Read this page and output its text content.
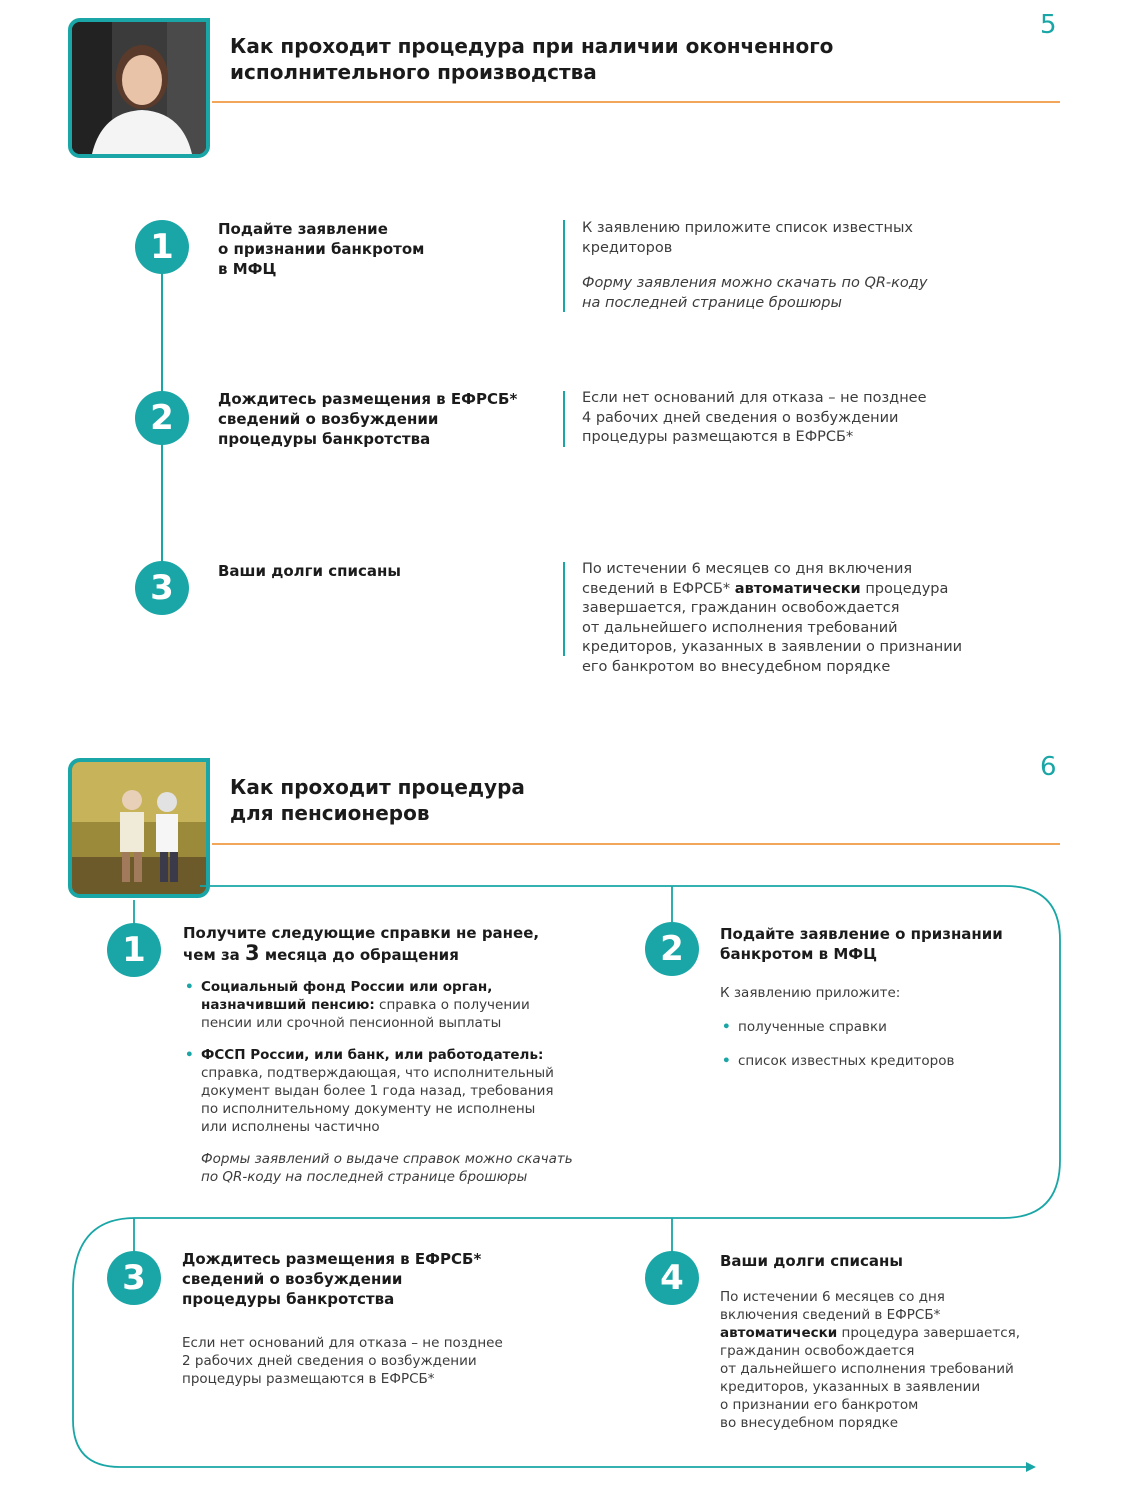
Как проходит процедура при наличии оконченного
исполнительного производства
5
1	Подайте заявление
о признании банкротом
в МФЦ
К заявлению приложите список известных
кредиторов
Форму заявления можно скачать по QR-коду
на последней странице брошюры
2	Дождитесь размещения в ЕФРСБ*
сведений о возбуждении
процедуры банкротства
Если нет оснований для отказа – не позднее
4 рабочих дней сведения о возбуждении
процедуры размещаются в ЕФРСБ*
3	Ваши долги списаны	По истечении 6 месяцев со дня включения
сведений в ЕФРСБ* автоматически процедура
завершается, гражданин освобождается
от дальнейшего исполнения требований
кредиторов, указанных в заявлении о признании
его банкротом во внесудебном порядке
Как проходит процедура
для пенсионеров
6
1	Получите следующие справки не ранее,
чем за 3 месяца до обращения
• Социальный фонд России или орган,
назначивший пенсию: справка о получении
пенсии или срочной пенсионной выплаты
• ФССП России, или банк, или работодатель:
справка, подтверждающая, что исполнительный
документ выдан более 1 года назад, требования
по исполнительному документу не исполнены
или исполнены частично
Формы заявлений о выдаче справок можно скачать
по QR-коду на последней странице брошюры
2	Подайте заявление о признании
банкротом в МФЦ
К заявлению приложите:
• полученные справки
• список известных кредиторов
3	Дождитесь размещения в ЕФРСБ*
сведений о возбуждении
процедуры банкротства
Если нет оснований для отказа – не позднее
2 рабочих дней сведения о возбуждении
процедуры размещаются в ЕФРСБ*
4	Ваши долги списаны
По истечении 6 месяцев со дня
включения сведений в ЕФРСБ*
автоматически процедура завершается,
гражданин освобождается
от дальнейшего исполнения требований
кредиторов, указанных в заявлении
о признании его банкротом
во внесудебном порядке
